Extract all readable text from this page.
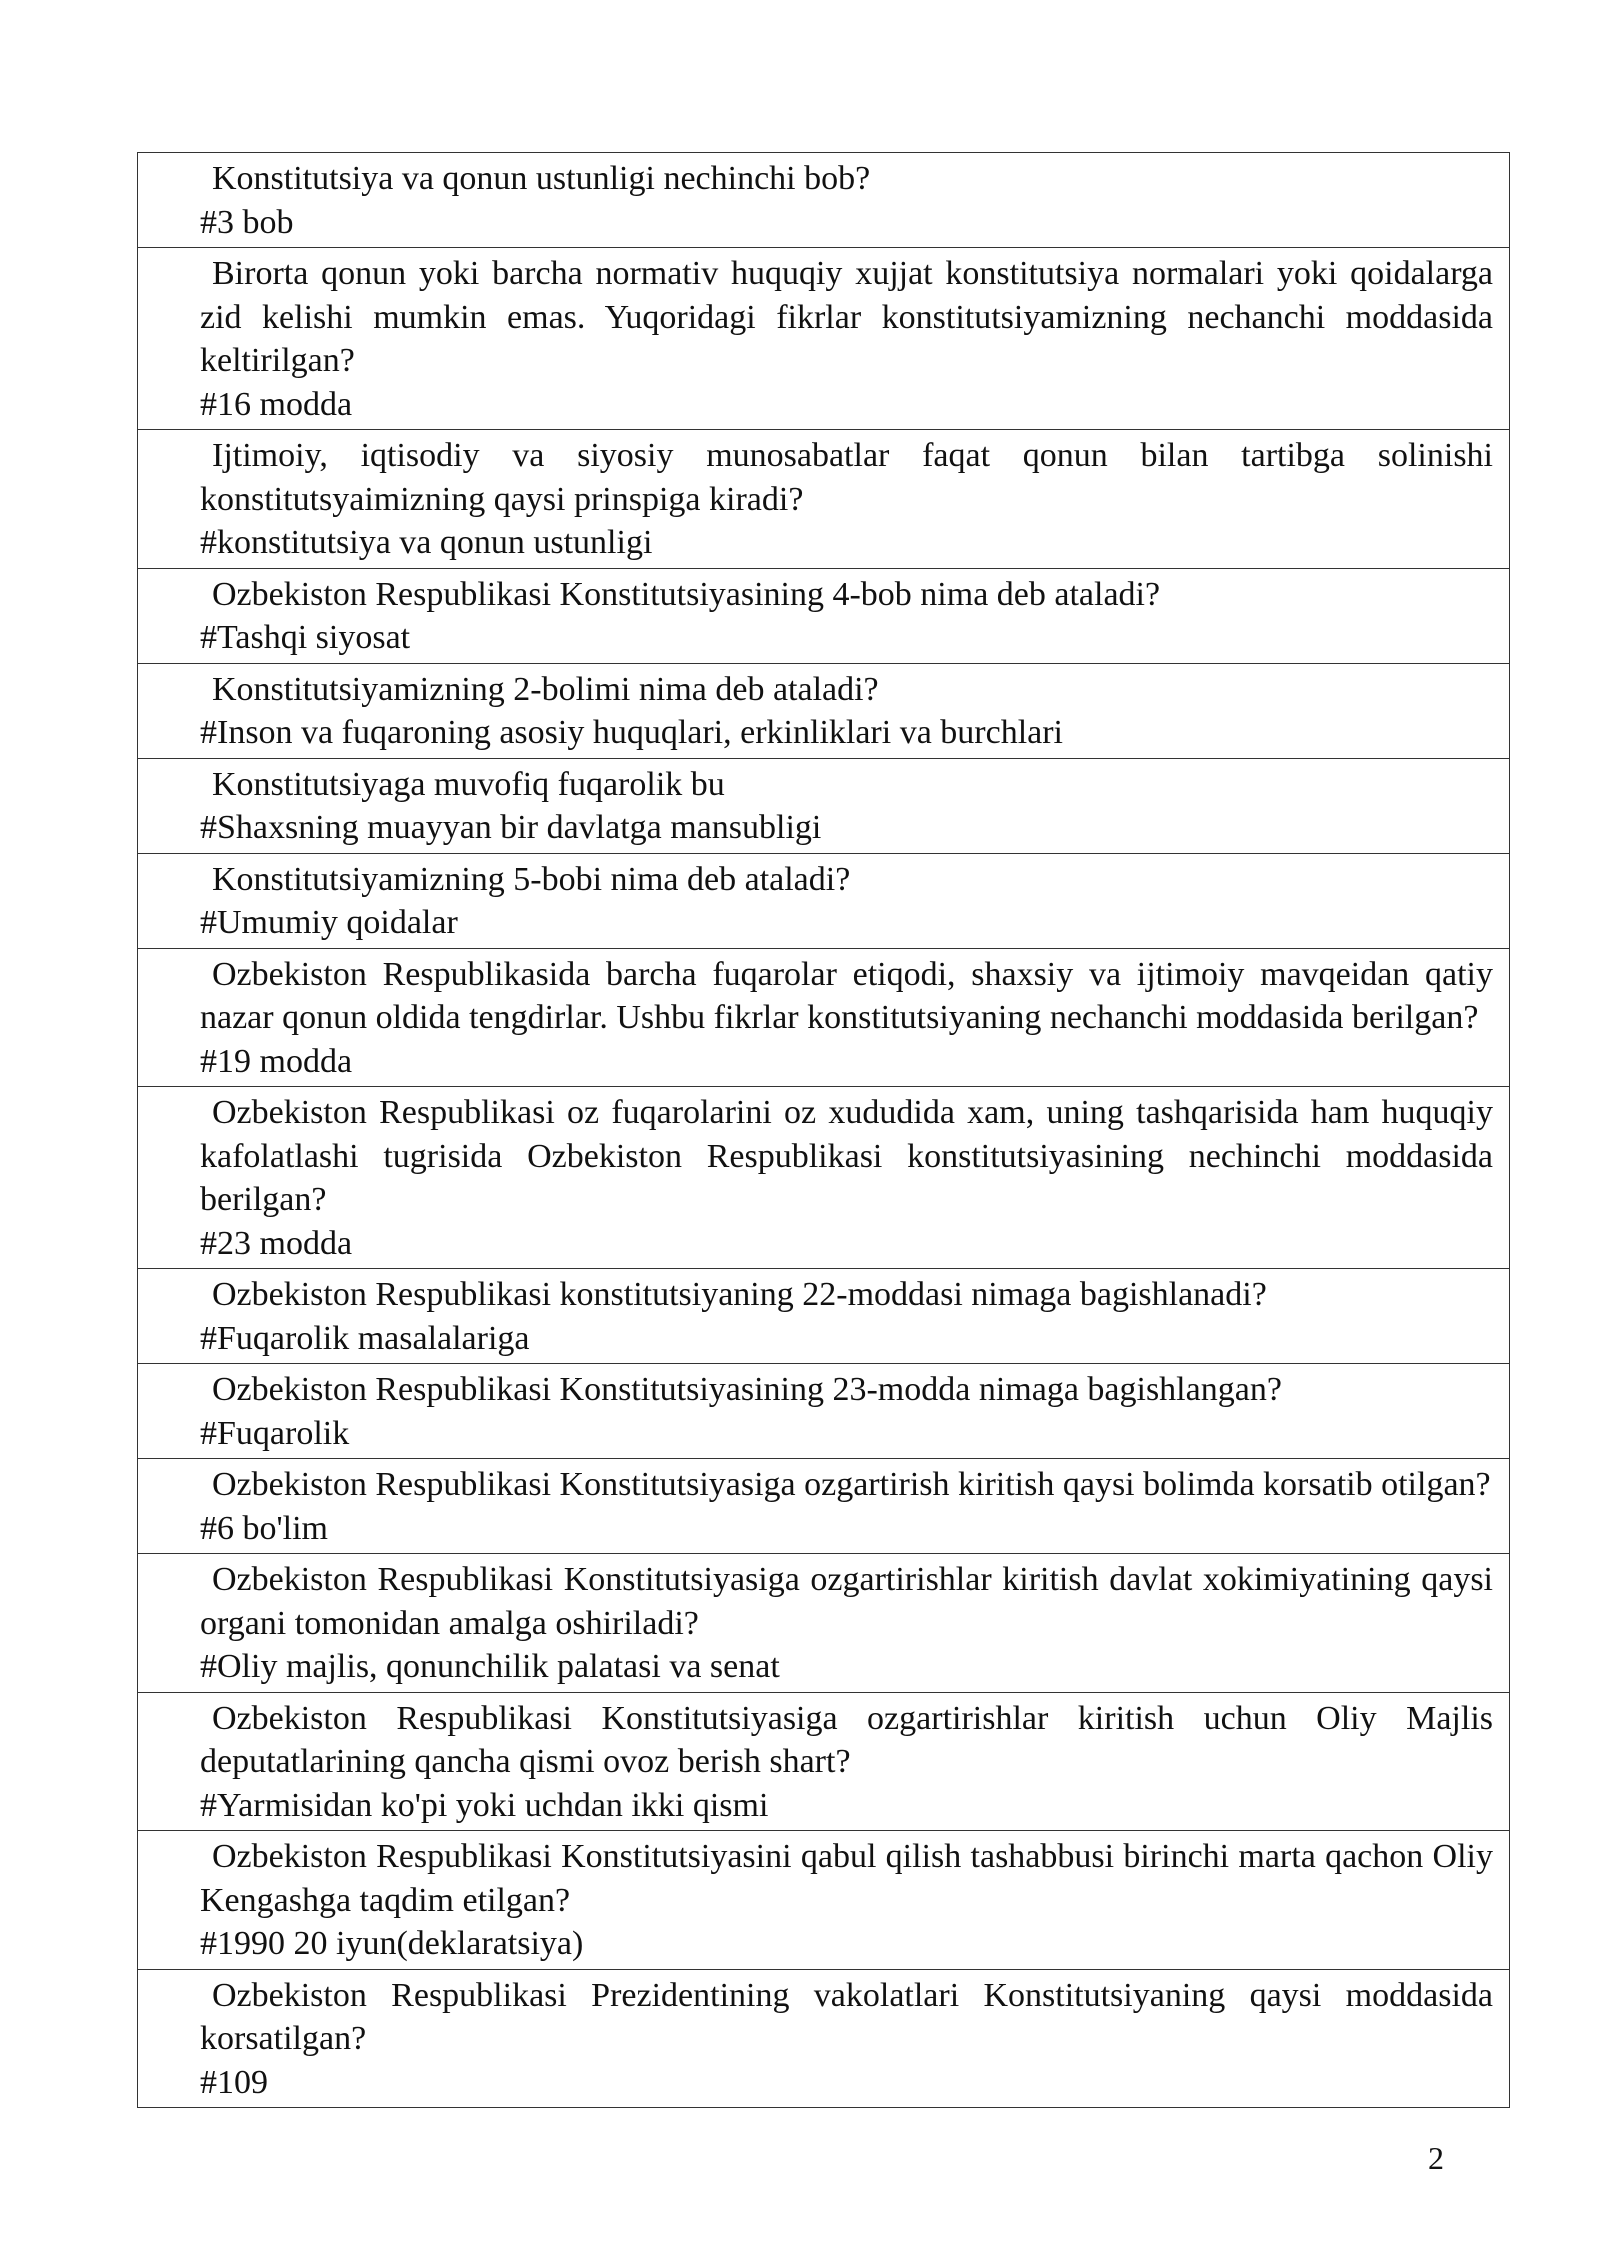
Konstitutsiya va qonun ustunligi nechinchi bob?
#3 bob

Birorta qonun yoki barcha normativ huquqiy xujjat konstitutsiya normalari yoki qoidalarga zid kelishi mumkin emas. Yuqoridagi fikrlar konstitutsiyamizning nechanchi moddasida keltirilgan?
#16 modda

Ijtimoiy, iqtisodiy va siyosiy munosabatlar faqat qonun bilan tartibga solinishi konstitutsyaimizning qaysi prinspiga kiradi?
#konstitutsiya va qonun ustunligi

Ozbekiston Respublikasi Konstitutsiyasining 4-bob nima deb ataladi?
#Tashqi siyosat

Konstitutsiyamizning 2-bolimi nima deb ataladi?
#Inson va fuqaroning asosiy huquqlari, erkinliklari va burchlari

Konstitutsiyaga muvofiq fuqarolik bu
#Shaxsning muayyan bir davlatga mansubligi

Konstitutsiyamizning 5-bobi nima deb ataladi?
#Umumiy qoidalar

Ozbekiston Respublikasida barcha fuqarolar etiqodi, shaxsiy va ijtimoiy mavqeidan qatiy nazar qonun oldida tengdirlar. Ushbu fikrlar konstitutsiyaning nechanchi moddasida berilgan?
#19 modda

Ozbekiston Respublikasi oz fuqarolarini oz xududida xam, uning tashqarisida ham huquqiy kafolatlashi tugrisida Ozbekiston Respublikasi konstitutsiyasining nechinchi moddasida berilgan?
#23 modda

Ozbekiston Respublikasi konstitutsiyaning 22-moddasi nimaga bagishlanadi?
#Fuqarolik masalalariga

Ozbekiston Respublikasi Konstitutsiyasining 23-modda nimaga bagishlangan?
#Fuqarolik

Ozbekiston Respublikasi Konstitutsiyasiga ozgartirish kiritish qaysi bolimda korsatib otilgan?
#6 bo'lim

Ozbekiston Respublikasi Konstitutsiyasiga ozgartirishlar kiritish davlat xokimiyatining qaysi organi tomonidan amalga oshiriladi?
#Oliy majlis, qonunchilik palatasi va senat

Ozbekiston Respublikasi Konstitutsiyasiga ozgartirishlar kiritish uchun Oliy Majlis deputatlarining qancha qismi ovoz berish shart?
#Yarmisidan ko'pi yoki uchdan ikki qismi

Ozbekiston Respublikasi Konstitutsiyasini qabul qilish tashabbusi birinchi marta qachon Oliy Kengashga taqdim etilgan?
#1990 20 iyun(deklaratsiya)

Ozbekiston Respublikasi Prezidentining vakolatlari Konstitutsiyaning qaysi moddasida korsatilgan?
#109
2
